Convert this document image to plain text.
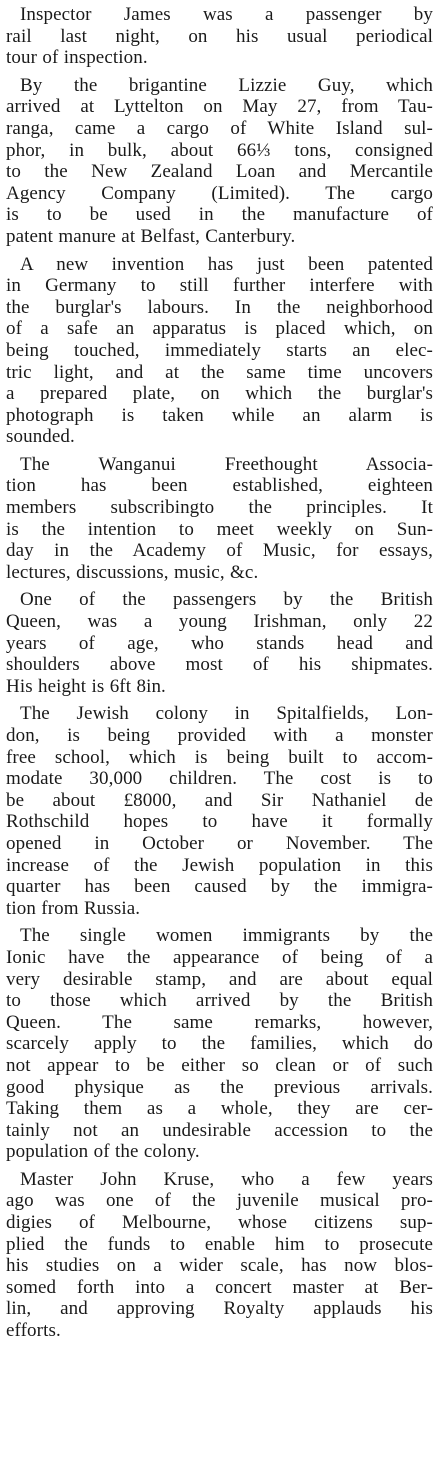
Inspector James was a passenger by
rail last night, on his usual periodical
tour of inspection.
By the brigantine Lizzie Guy, which
arrived at Lyttelton on May 27, from Tau-
ranga, came a cargo of White Island sul-
phor, in bulk, about 66⅓ tons, consigned
to the New Zealand Loan and Mercantile
Agency Company (Limited). The cargo
is to be used in the manufacture of
patent manure at Belfast, Canterbury.
A new invention has just been patented
in Germany to still further interfere with
the burglar's labours. In the neighborhood
of a safe an apparatus is placed which, on
being touched, immediately starts an elec-
tric light, and at the same time uncovers
a prepared plate, on which the burglar's
photograph is taken while an alarm is
sounded.
The Wanganui Freethought Associa-
tion has been established, eighteen
members subscribingto the principles. It
is the intention to meet weekly on Sun-
day in the Academy of Music, for essays,
lectures, discussions, music, &c.
One of the passengers by the British
Queen, was a young Irishman, only 22
years of age, who stands head and
shoulders above most of his shipmates.
His height is 6ft 8in.
The Jewish colony in Spitalfields, Lon-
don, is being provided with a monster
free school, which is being built to accom-
modate 30,000 children. The cost is to
be about £8000, and Sir Nathaniel de
Rothschild hopes to have it formally
opened in October or November. The
increase of the Jewish population in this
quarter has been caused by the immigra-
tion from Russia.
The single women immigrants by the
Ionic have the appearance of being of a
very desirable stamp, and are about equal
to those which arrived by the British
Queen. The same remarks, however,
scarcely apply to the families, which do
not appear to be either so clean or of such
good physique as the previous arrivals.
Taking them as a whole, they are cer-
tainly not an undesirable accession to the
population of the colony.
Master John Kruse, who a few years
ago was one of the juvenile musical pro-
digies of Melbourne, whose citizens sup-
plied the funds to enable him to prosecute
his studies on a wider scale, has now blos-
somed forth into a concert master at Ber-
lin, and approving Royalty applauds his
efforts.
